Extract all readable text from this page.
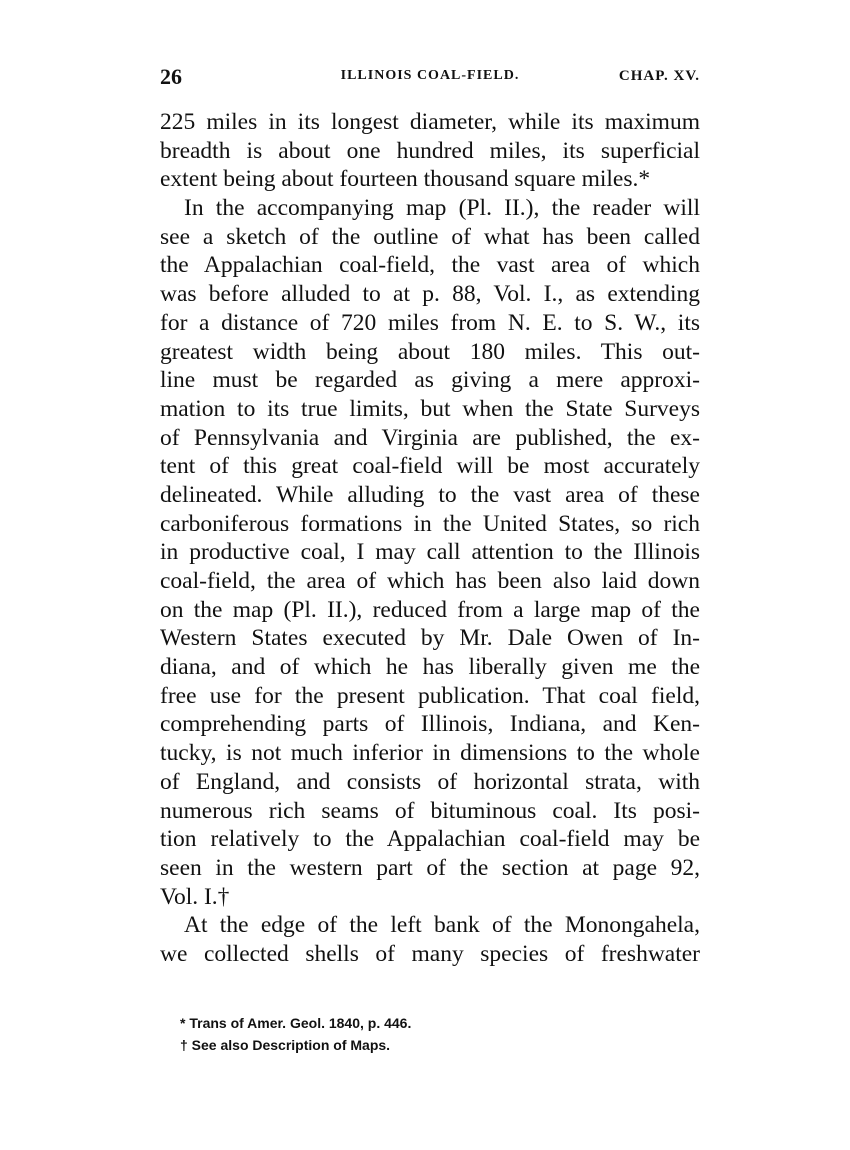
26	ILLINOIS COAL-FIELD.	CHAP. XV.
225 miles in its longest diameter, while its maximum
breadth is about one hundred miles, its superficial
extent being about fourteen thousand square miles.*
In the accompanying map (Pl. II.), the reader will
see a sketch of the outline of what has been called
the Appalachian coal-field, the vast area of which
was before alluded to at p. 88, Vol. I., as extending
for a distance of 720 miles from N. E. to S. W., its
greatest width being about 180 miles. This out-
line must be regarded as giving a mere approxi-
mation to its true limits, but when the State Surveys
of Pennsylvania and Virginia are published, the ex-
tent of this great coal-field will be most accurately
delineated. While alluding to the vast area of these
carboniferous formations in the United States, so rich
in productive coal, I may call attention to the Illinois
coal-field, the area of which has been also laid down
on the map (Pl. II.), reduced from a large map of the
Western States executed by Mr. Dale Owen of In-
diana, and of which he has liberally given me the
free use for the present publication. That coal field,
comprehending parts of Illinois, Indiana, and Ken-
tucky, is not much inferior in dimensions to the whole
of England, and consists of horizontal strata, with
numerous rich seams of bituminous coal. Its posi-
tion relatively to the Appalachian coal-field may be
seen in the western part of the section at page 92,
Vol. I.†
At the edge of the left bank of the Monongahela,
we collected shells of many species of freshwater
* Trans of Amer. Geol. 1840, p. 446.
† See also Description of Maps.
